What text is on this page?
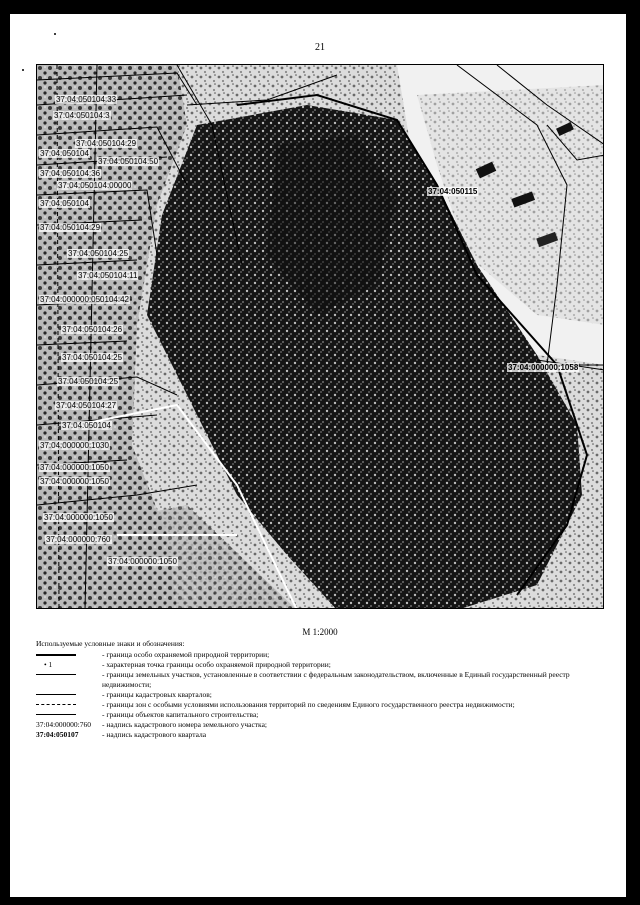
21
37:04:050104:33
37:04:050104:3
37:04:050104:29
37:04:050104
37:04:050104:50
37:04:050104:36
37:04:050104:00000
37:04:050104
37:04:050115
37:04:050104:29
37:04:050104:25
37:04:050104:11
37:04:000000:050104:42
37:04:050104:26
37:04:050104:25
37:04:050104:25
37:04:050104:27
37:04:050104
37:04:000000:1030
37:04:000000:1050
37:04:000000:1050
37:04:000000:1050
37:04:000000:1058
37:04:000000:760
37:04:000000:1050
М 1:2000
Используемые условные знаки и обозначения:
- граница особо охраняемой природной территории;
• 1	- характерная точка границы особо охраняемой природной территории;
- границы земельных участков, установленные в соответствии с федеральным законодательством, включенные в Единый государственный реестр недвижимости;
- границы кадастровых кварталов;
- границы зон с особыми условиями использования территорий по сведениям Единого государственного реестра недвижимости;
- границы объектов капитального строительства;
37:04:000000:760 - надпись кадастрового номера земельного участка;
37:04:050107	- надпись кадастрового квартала
